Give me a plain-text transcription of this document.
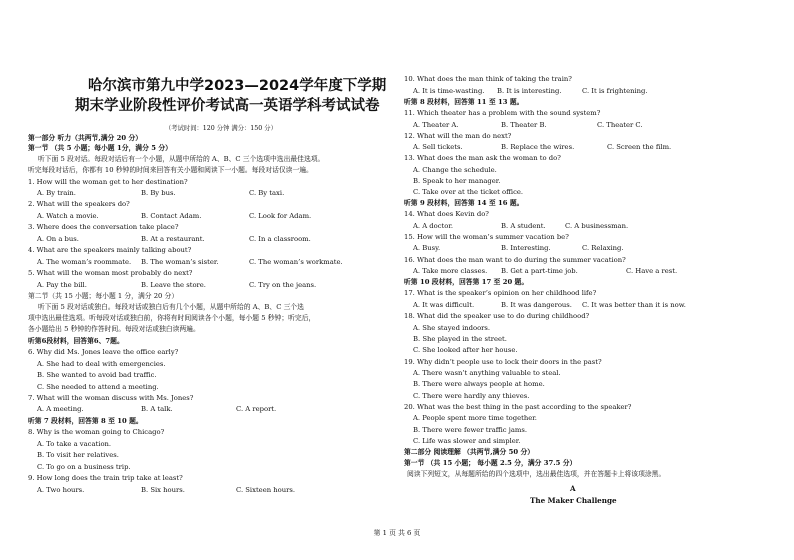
哈尔滨市第九中学2023—2024学年度下学期
期末学业阶段性评价考试高一英语学科考试试卷
（考试时间：120 分钟 满分：150 分）
第一部分 听力（共两节,满分 20 分）
第一节 （共 5 小题；每小题 1分，满分 5 分）
听下面 5 段对话。每段对话后有一个小题，从题中所给的 A、B、C 三个选项中选出最佳选项。
听完每段对话后，你都有 10 秒钟的时间来回答有关小题和阅读下一小题。每段对话仅读一遍。
1. How will the woman get to her destination?
A. By train.	B. By bus.	C. By taxi.
2. What will the speakers do?
A. Watch a movie.	B. Contact Adam.	C. Look for Adam.
3. Where does the conversation take place?
A. On a bus.	B. At a restaurant.	C. In a classroom.
4. What are the speakers mainly talking about?
A. The woman’s roommate. B. The woman’s sister.	C. The woman’s workmate.
5. What will the woman most probably do next?
A. Pay the bill.	B. Leave the store.	C. Try on the jeans.
第二节（共 15 小题；每小题 1 分，满分 20 分）
听下面 5 段对话或独白。每段对话或独白后有几个小题，从题中所给的 A、B、C 三个选
项中选出最佳选项。听每段对话或独白前，你将有时间阅读各个小题，每小题 5 秒钟；听完后，
各小题给出 5 秒钟的作答时间。每段对话或独白读两遍。
听第6段材料，回答第6、7题。
6. Why did Ms. Jones leave the office early?
A. She had to deal with emergencies.
B. She wanted to avoid bad traffic.
C. She needed to attend a meeting.
7. What will the woman discuss with Ms. Jones?
A. A meeting.	B. A talk.	C. A report.
听第 7 段材料，回答第 8 至 10 题。
8. Why is the woman going to Chicago?
A. To take a vacation.
B. To visit her relatives.
C. To go on a business trip.
9. How long does the train trip take at least?
A. Two hours.	B. Six hours.	C. Sixteen hours.	A
The Maker Challenge
10. What does the man think of taking the train?
A. It is time-wasting. B. It is interesting.	C. It is frightening.
听第 8 段材料，回答第 11 至 13 题。
11. Which theater has a problem with the sound system?
A. Theater A.	B. Theater B.	C. Theater C.
12. What will the man do next?
A. Sell tickets.	B. Replace the wires.	C. Screen the film.
13. What does the man ask the woman to do?
A. Change the schedule.
B. Speak to her manager.
C. Take over at the ticket office.
听第 9 段材料，回答第 14 至 16 题。
14. What does Kevin do?
A. A doctor.	B. A student.	C. A businessman.
15. How will the woman’s summer vacation be?
A. Busy.	B. Interesting.	C. Relaxing.
16. What does the man want to do during the summer vacation?
A. Take more classes. B. Get a part-time job.	C. Have a rest.
听第 10 段材料，回答第 17 至 20 题。
17. What is the speaker’s opinion on her childhood life?
A. It was difficult.	B. It was dangerous. C. It was better than it is now.
18. What did the speaker use to do during childhood?
A. She stayed indoors.
B. She played in the street.
C. She looked after her house.
19. Why didn’t people use to lock their doors in the past?
A. There wasn’t anything valuable to steal.
B. There were always people at home.
C. There were hardly any thieves.
20. What was the best thing in the past according to the speaker?
A. People spent more time together.
B. There were fewer traffic jams.
C. Life was slower and simpler.
第二部分 阅读理解 （共两节,满分 50 分）
第一节 （共 15 小题； 每小题 2.5 分，满分 37.5 分）
阅读下列短文，从每题所给的四个选项中，选出最佳选项，并在答题卡上将该项涂黑。
第 1 页 共 6 页
